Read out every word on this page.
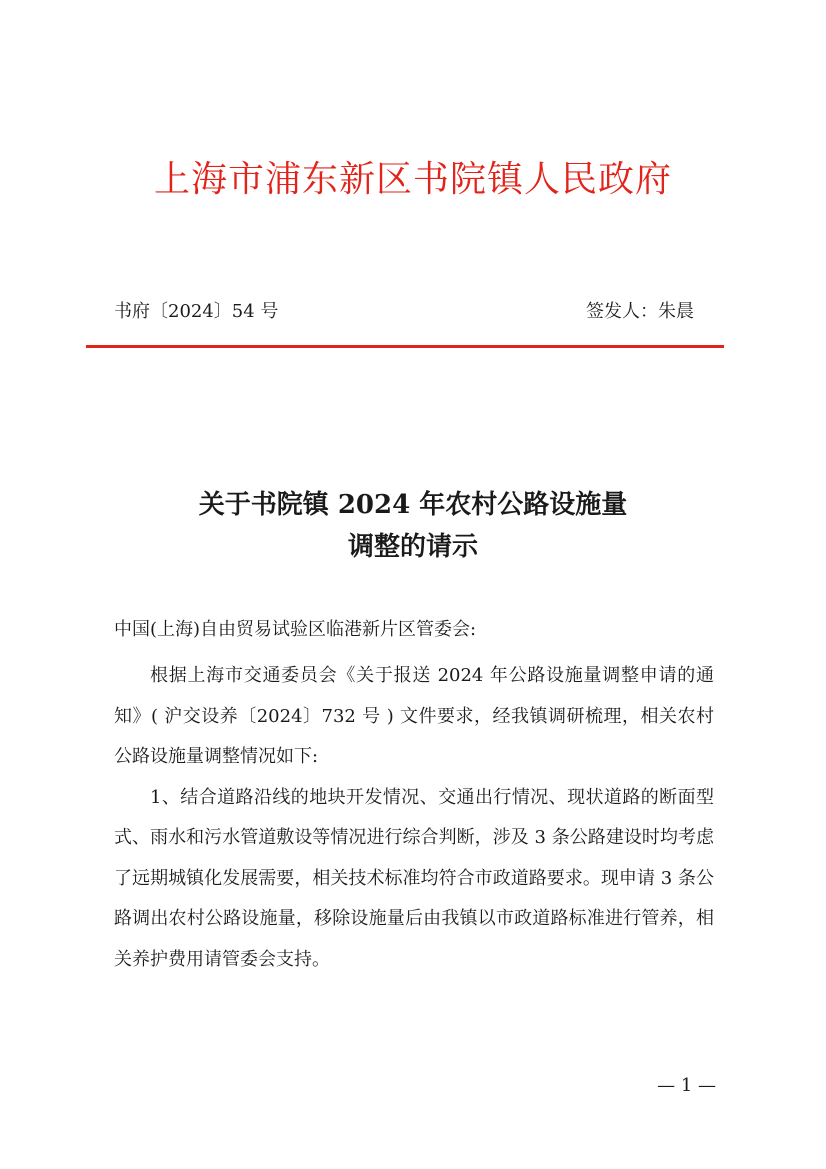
上海市浦东新区书院镇人民政府
书府〔2024〕54 号	签发人：朱晨
关于书院镇 2024 年农村公路设施量
调整的请示
中国(上海)自由贸易试验区临港新片区管委会:

根据上海市交通委员会《关于报送 2024 年公路设施量调整申请的通知》( 沪交设养〔2024〕732 号 ) 文件要求，经我镇调研梳理，相关农村公路设施量调整情况如下:

1、结合道路沿线的地块开发情况、交通出行情况、现状道路的断面型式、雨水和污水管道敷设等情况进行综合判断，涉及 3 条公路建设时均考虑了远期城镇化发展需要，相关技术标准均符合市政道路要求。现申请 3 条公路调出农村公路设施量，移除设施量后由我镇以市政道路标准进行管养，相关养护费用请管委会支持。

— 1 —
